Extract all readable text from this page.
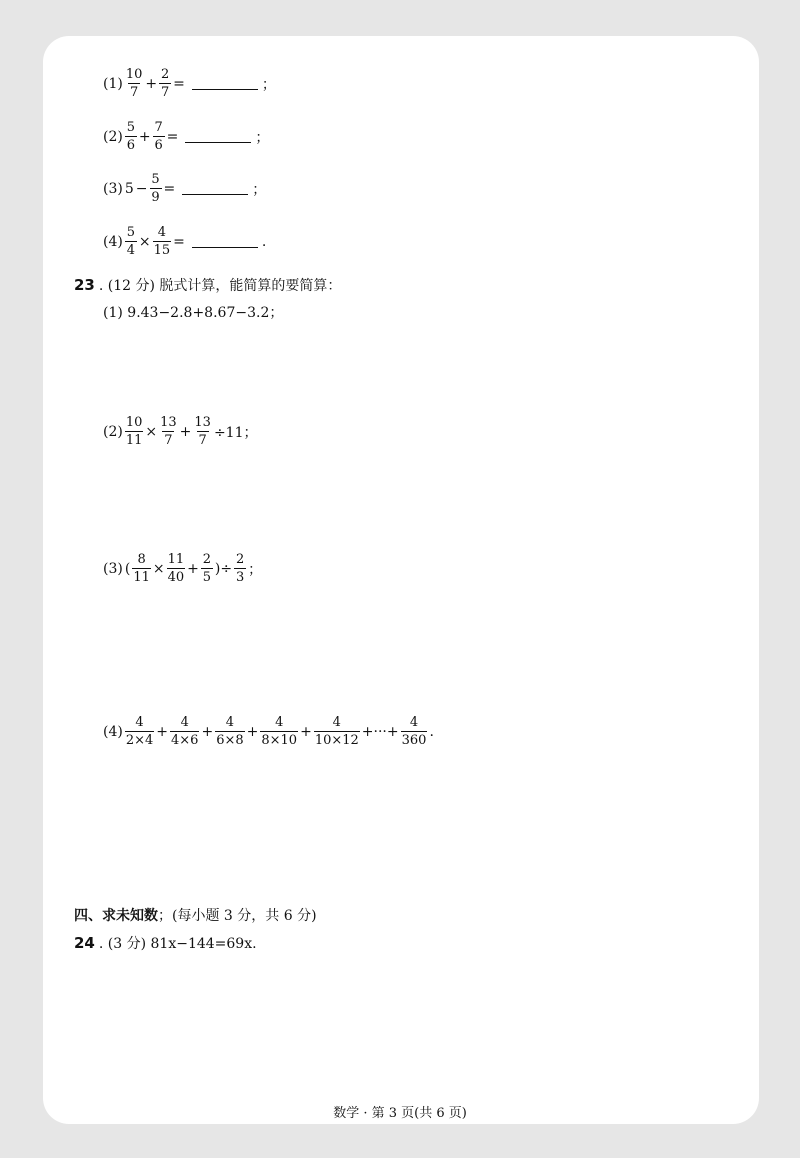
$(1) \frac{10}{7} + \frac{2}{7}$ =	；
$(2) \frac{5}{6} + \frac{7}{6}$ =	；
(3) $5 - \frac{5}{9}$ =	；
$(4) \frac{5}{4} \times \frac{4}{15}$ =	.
23 . (12 分) 脱式计算，能简算的要简算：
(1) 9.43−2.8+8.67−3.2；
$(2) \frac{10}{11} \times \frac{13}{7} + \frac{13}{7} \div 11$；
(3) ( $\frac{8}{11} \times \frac{11}{40} + \frac{2}{5}$ )÷ $\frac{2}{3}$ ；
$(4) \frac{4}{2\times 4} + \frac{4}{4\times 6} + \frac{4}{6\times 8} + \frac{4}{8\times 10} + \frac{4}{10\times 12}$ +···+ $\frac{4}{360}$ .
四、求未知数 ；(每小题 3 分，共 6 分)
24 . (3 分) 81x−144=69x.
数学 · 第 3 页(共 6 页)
